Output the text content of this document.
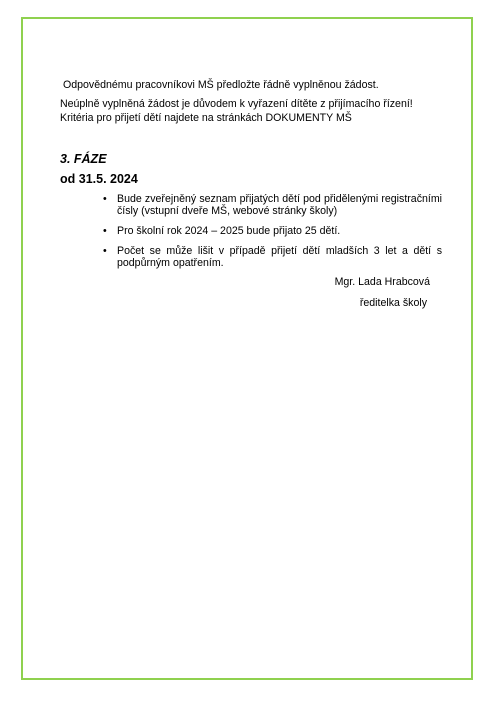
Odpovědnému pracovníkovi MŠ předložte řádně vyplněnou žádost.

Neúplně vyplněná žádost je důvodem k vyřazení dítěte z přijímacího řízení!

Kritéria pro přijetí dětí najdete na stránkách DOKUMENTY MŠ

3. FÁZE
od 31.5. 2024
• Bude zveřejněný seznam přijatých dětí pod přidělenými registračními čísly (vstupní dveře MŠ, webové stránky školy)
• Pro školní rok 2024 – 2025 bude přijato 25 dětí.
• Počet se může lišit v případě přijetí dětí mladších 3 let a dětí s podpůrným opatřením.
Mgr. Lada Hrabcová
ředitelka školy
